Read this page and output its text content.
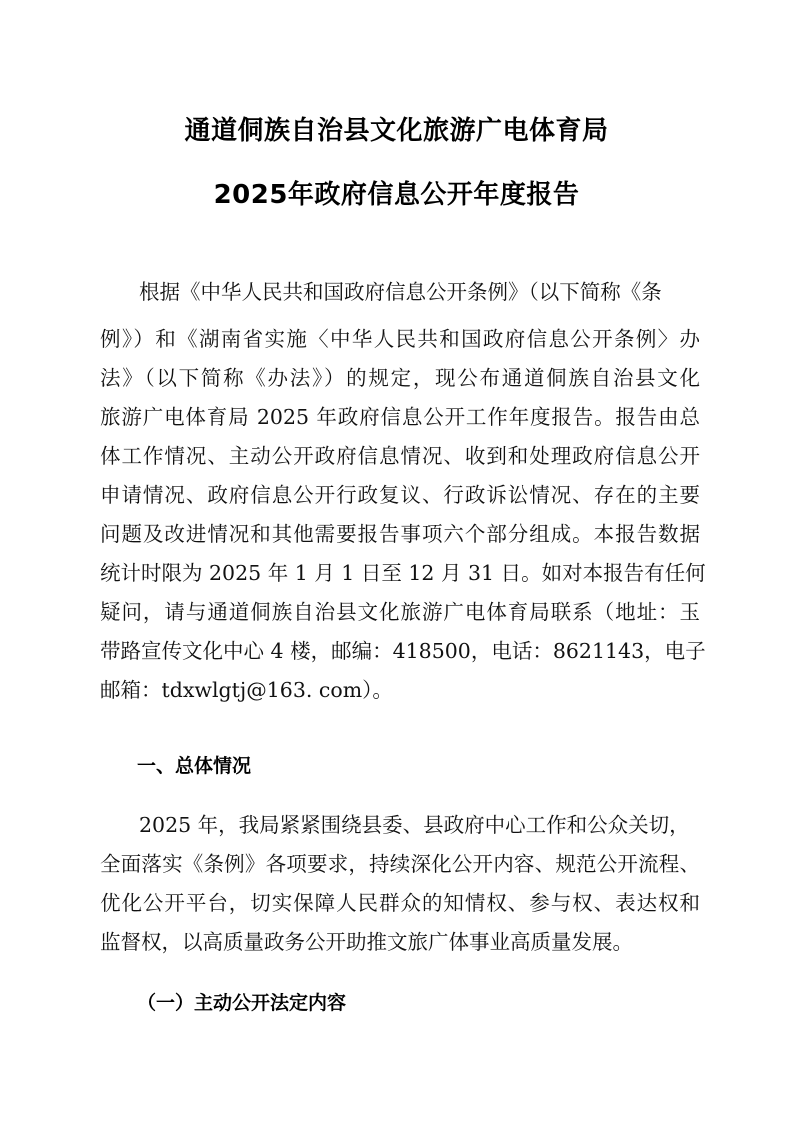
通道侗族自治县文化旅游广电体育局
2025年政府信息公开年度报告
根据《中华人民共和国政府信息公开条例》（以下简称《条
例》）和《湖南省实施〈中华人民共和国政府信息公开条例〉办
法》（以下简称《办法》）的规定，现公布通道侗族自治县文化
旅游广电体育局 2025 年政府信息公开工作年度报告。报告由总
体工作情况、主动公开政府信息情况、收到和处理政府信息公开
申请情况、政府信息公开行政复议、行政诉讼情况、存在的主要
问题及改进情况和其他需要报告事项六个部分组成。本报告数据
统计时限为 2025 年 1 月 1 日至 12 月 31 日。如对本报告有任何
疑问，请与通道侗族自治县文化旅游广电体育局联系（地址：玉
带路宣传文化中心 4 楼，邮编：418500，电话：8621143，电子
邮箱：tdxwlgtj@163. com）。
一、总体情况
2025 年，我局紧紧围绕县委、县政府中心工作和公众关切，
全面落实《条例》各项要求，持续深化公开内容、规范公开流程、
优化公开平台，切实保障人民群众的知情权、参与权、表达权和
监督权，以高质量政务公开助推文旅广体事业高质量发展。
（一）主动公开法定内容
